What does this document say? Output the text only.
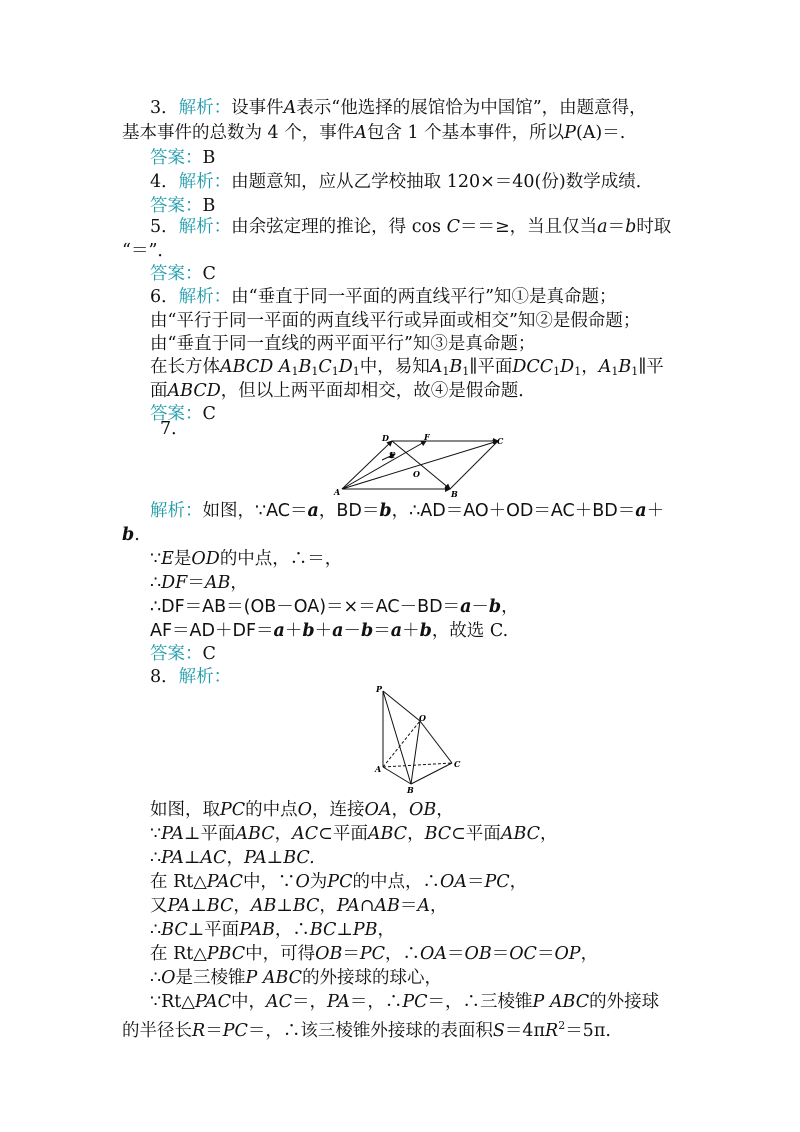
3．解析：设事件A表示“他选择的展馆恰为中国馆”，由题意得，
基本事件的总数为 4 个，事件A包含 1 个基本事件，所以P(A)＝.
答案：B
4．解析：由题意知，应从乙学校抽取 120×＝40(份)数学成绩．
答案：B
5．解析：由余弦定理的推论，得 cos C＝＝≥，当且仅当a＝b时取
“＝”．
答案：C
6．解析：由“垂直于同一平面的两直线平行”知①是真命题；
由“平行于同一平面的两直线平行或异面或相交”知②是假命题；
由“垂直于同一直线的两平面平行”知③是真命题；
在长方体ABCD $A_1B_1C_1D_1$中，易知$A_1B_1\parallel$平面$DCC_1D_1$，$A_1B_1\parallel$平
面ABCD，但以上两平面却相交，故④是假命题．
答案：C
7．	D	F	C
E
O
A	B
解析：如图，∵AC＝a，BD＝b，∴AD＝AO＋OD＝AC＋BD＝a＋
b.
∵E是OD的中点，∴＝，
∴DF＝AB，
∴DF＝AB＝(OB－OA)＝×＝AC－BD＝a－b，
AF＝AD＋DF＝a＋b＋a－b＝a＋b，故选 C.
答案：C
8．解析：
P
O
A	C
B
如图，取PC的中点O，连接OA，OB，
∵PA⊥平面ABC，AC⊂平面ABC，BC⊂平面ABC，
∴PA⊥AC，PA⊥BC.
在 Rt△PAC中，∵O为PC的中点，∴OA＝PC，
又PA⊥BC，AB⊥BC，PA∩AB＝A，
∴BC⊥平面PAB，∴BC⊥PB，
在 Rt△PBC中，可得OB＝PC，∴OA＝OB＝OC＝OP，
∴O是三棱锥P ABC的外接球的球心，
∵Rt△PAC中，AC＝，PA＝，∴PC＝，∴三棱锥P ABC的外接球
的半径长R＝PC＝，∴该三棱锥外接球的表面积$S=4\pi R^2=5\pi$.
